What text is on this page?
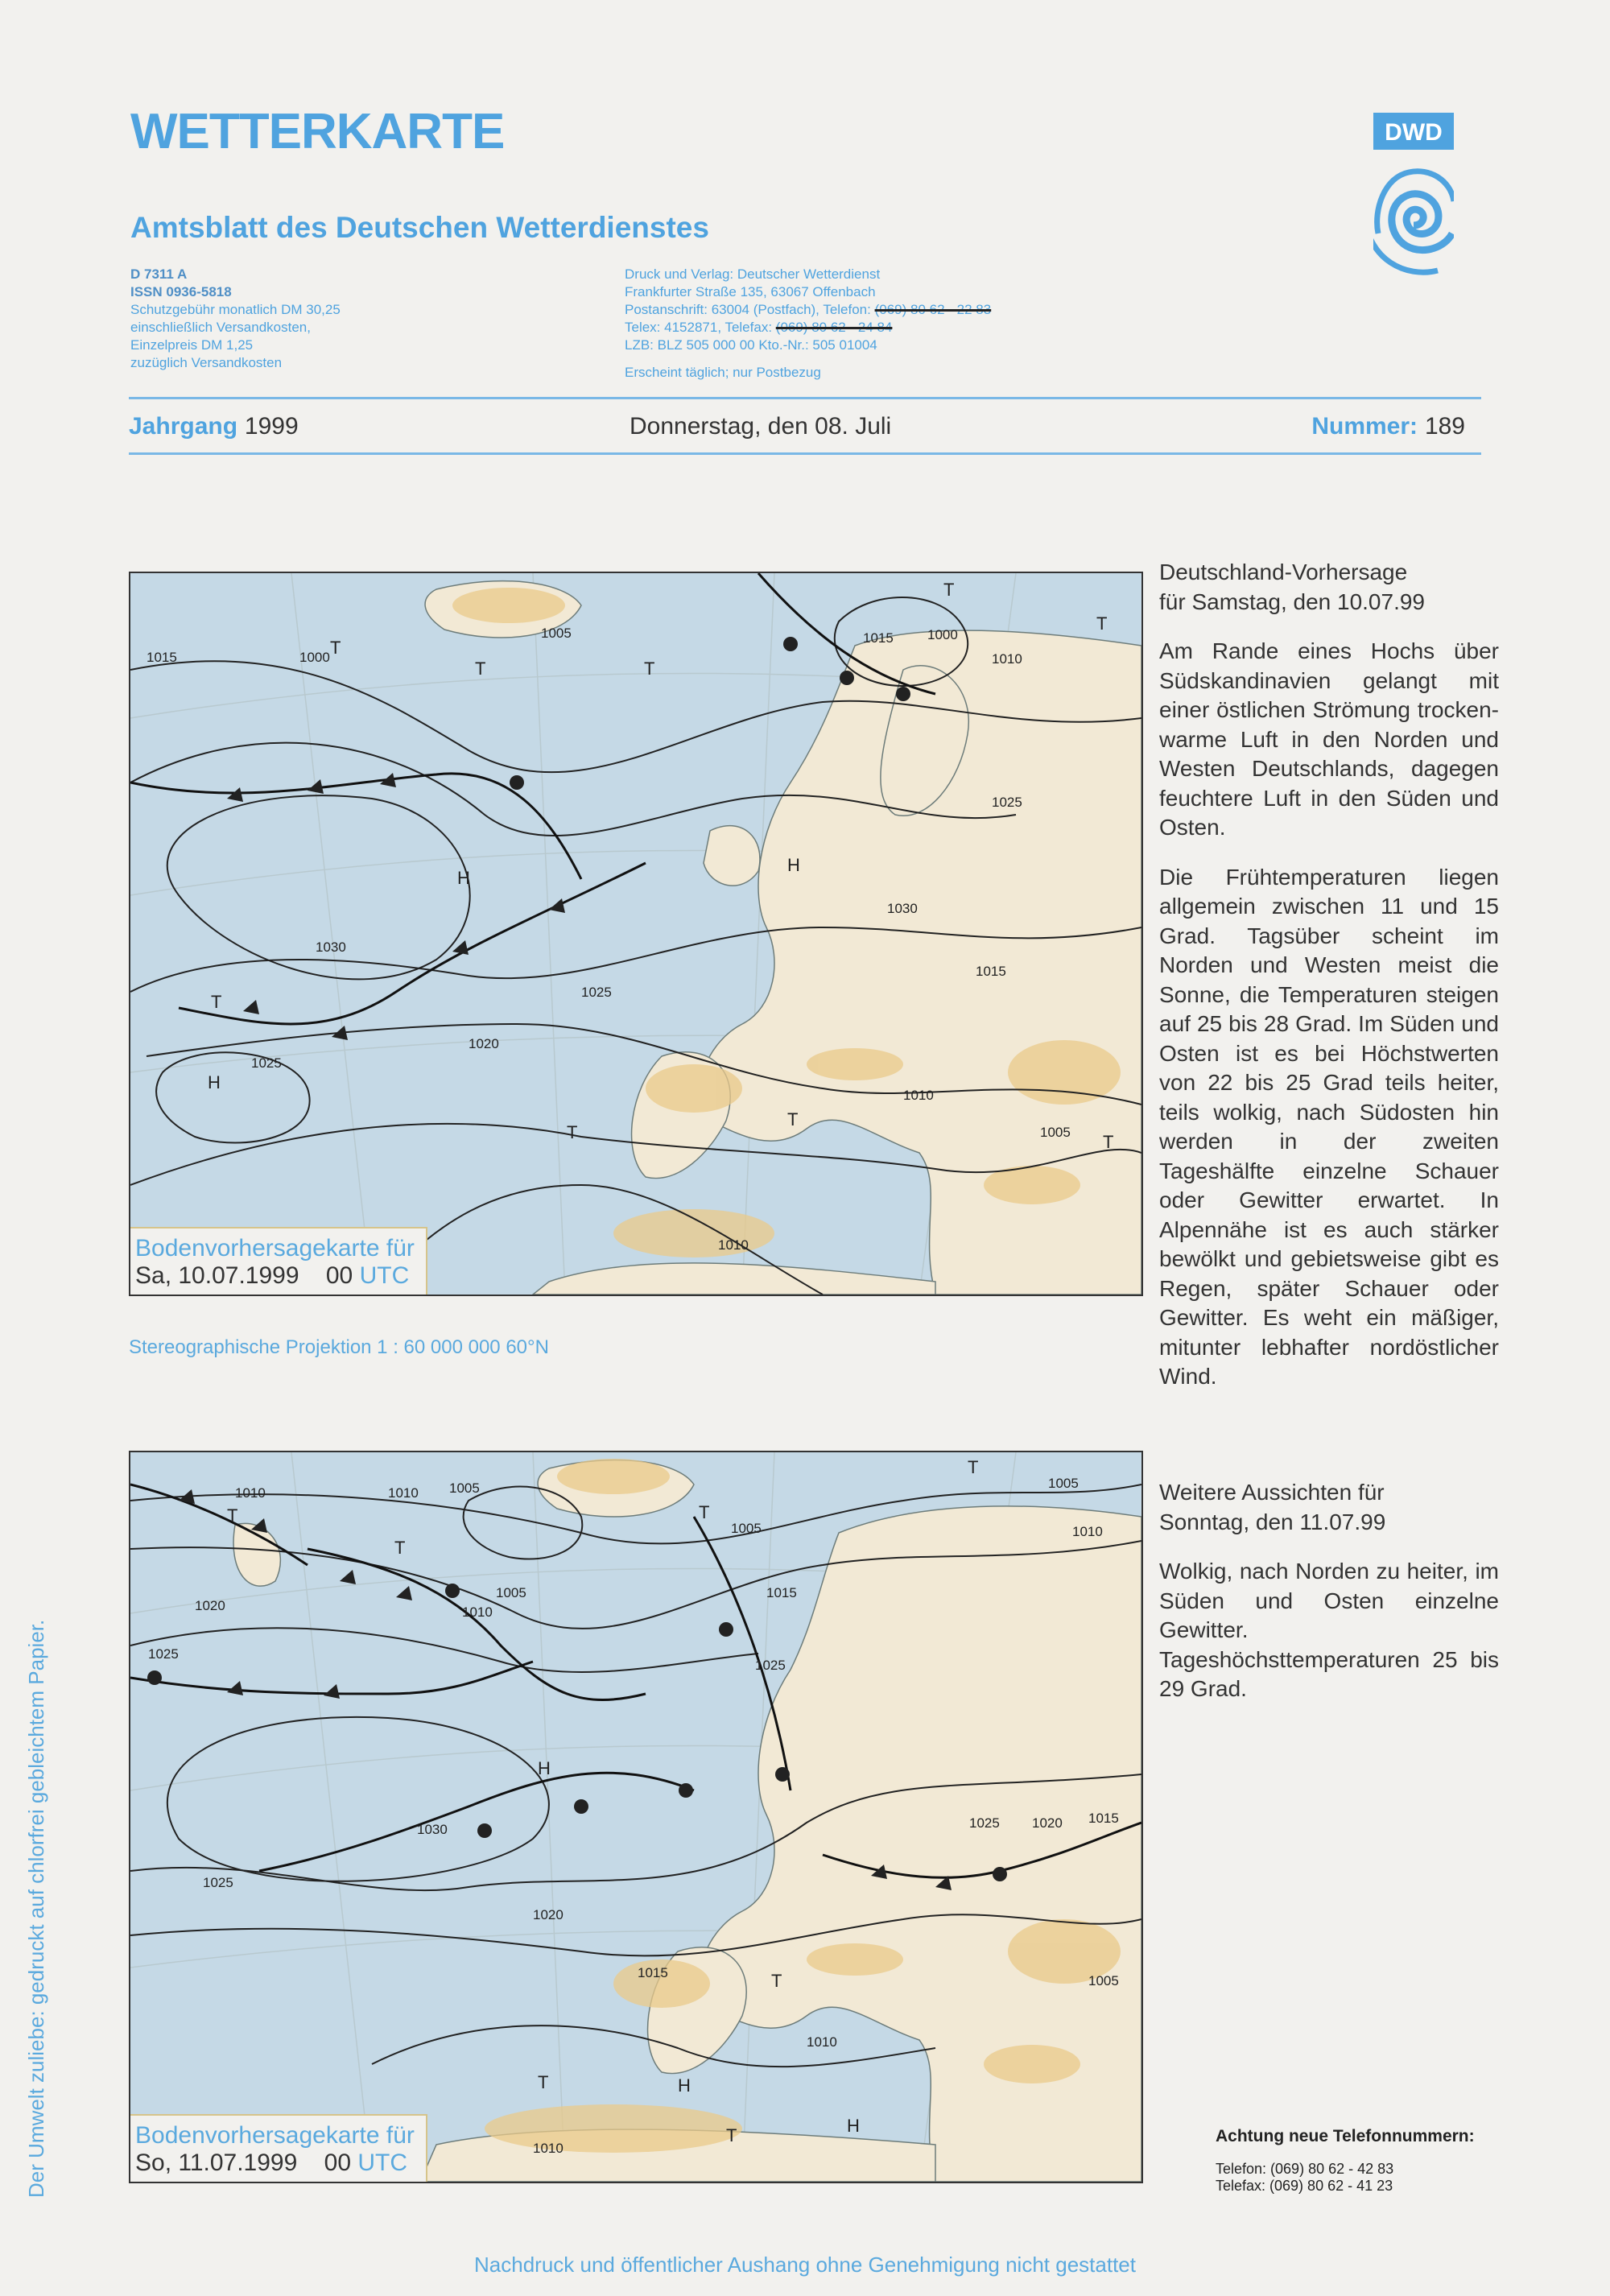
WETTERKARTE
Amtsblatt des Deutschen Wetterdienstes
D 7311 A
ISSN 0936-5818
Schutzgebühr monatlich DM 30,25
einschließlich Versandkosten,
Einzelpreis DM 1,25
zuzüglich Versandkosten
Druck und Verlag: Deutscher Wetterdienst
Frankfurter Straße 135, 63067 Offenbach
Postanschrift: 63004 (Postfach), Telefon: (069) 80 62 - 22 83
Telex: 4152871, Telefax: (069) 80 62 - 24 84
LZB: BLZ 505 000 00 Kto.-Nr.: 505 01004
Erscheint täglich; nur Postbezug
DWD
Jahrgang 1999	Donnerstag, den 08. Juli	Nummer: 189
1015	1000
1005	1015 1000
1010
1025
1030
1030
1025
1015
1020
1025
1010
1005
1010
T
T	T
T
H
H
H
T
T
T
T
T
Bodenvorhersagekarte für
Sa, 10.07.1999 00 UTC
Stereographische Projektion 1 : 60 000 000 60°N
1010	1010 1005	1005
1005	1010
1020
1005	1015
1010
1025
1025
1030	1025 1020
1025
1020
1015
1015
1005
1010
1010
T
T
T
H
T
T
T	H
H
T
Bodenvorhersagekarte für
So, 11.07.1999 00 UTC

Deutschland-Vorhersage
für Samstag, den 10.07.99

Am Rande eines Hochs über Südskandinavien gelangt mit einer östlichen Strömung trocken-warme Luft in den Norden und Westen Deutschlands, dagegen feuchtere Luft in den Süden und Osten.

Die Frühtemperaturen liegen allgemein zwischen 11 und 15 Grad. Tagsüber scheint im Norden und Westen meist die Sonne, die Temperaturen steigen auf 25 bis 28 Grad. Im Süden und Osten ist es bei Höchstwerten von 22 bis 25 Grad teils heiter, teils wolkig, nach Südosten hin werden in der zweiten Tageshälfte einzelne Schauer oder Gewitter erwartet. In Alpennähe ist es auch stärker bewölkt und gebietsweise gibt es Regen, später Schauer oder Gewitter. Es weht ein mäßiger, mitunter lebhafter nordöstlicher Wind.

Weitere Aussichten für
Sonntag, den 11.07.99

Wolkig, nach Norden zu heiter, im Süden und Osten einzelne Gewitter. Tageshöchsttemperaturen 25 bis 29 Grad.

Der Umwelt zuliebe: gedruckt auf chlorfrei gebleichtem Papier.	Achtung neue Telefonnummern:
Telefon: (069) 80 62 - 42 83
Telefax: (069) 80 62 - 41 23
Nachdruck und öffentlicher Aushang ohne Genehmigung nicht gestattet
